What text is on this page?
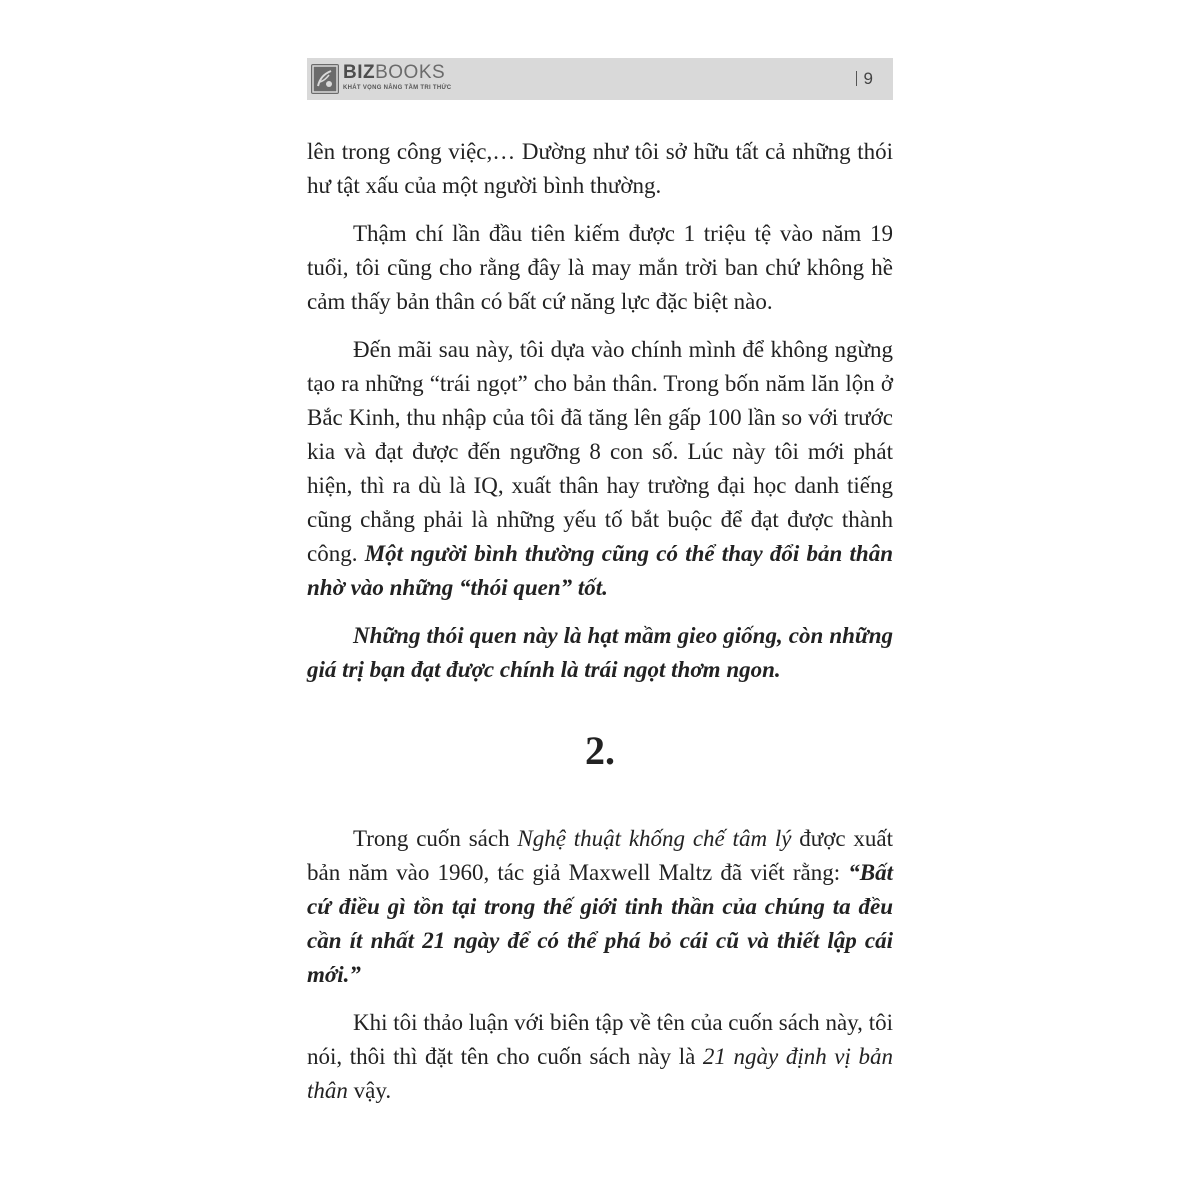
BIZBOOKS
KHÁT VỌNG NÂNG TẦM TRI THỨC	9

lên trong công việc,… Dường như tôi sở hữu tất cả những thói hư tật xấu của một người bình thường.

Thậm chí lần đầu tiên kiếm được 1 triệu tệ vào năm 19 tuổi, tôi cũng cho rằng đây là may mắn trời ban chứ không hề cảm thấy bản thân có bất cứ năng lực đặc biệt nào.

Đến mãi sau này, tôi dựa vào chính mình để không ngừng tạo ra những “trái ngọt” cho bản thân. Trong bốn năm lăn lộn ở Bắc Kinh, thu nhập của tôi đã tăng lên gấp 100 lần so với trước kia và đạt được đến ngưỡng 8 con số. Lúc này tôi mới phát hiện, thì ra dù là IQ, xuất thân hay trường đại học danh tiếng cũng chẳng phải là những yếu tố bắt buộc để đạt được thành công. Một người bình thường cũng có thể thay đổi bản thân nhờ vào những “thói quen” tốt.

Những thói quen này là hạt mầm gieo giống, còn những giá trị bạn đạt được chính là trái ngọt thơm ngon.

2.

Trong cuốn sách Nghệ thuật khống chế tâm lý được xuất bản năm vào 1960, tác giả Maxwell Maltz đã viết rằng: “Bất cứ điều gì tồn tại trong thế giới tinh thần của chúng ta đều cần ít nhất 21 ngày để có thể phá bỏ cái cũ và thiết lập cái mới.”

Khi tôi thảo luận với biên tập về tên của cuốn sách này, tôi nói, thôi thì đặt tên cho cuốn sách này là 21 ngày định vị bản thân vậy.
